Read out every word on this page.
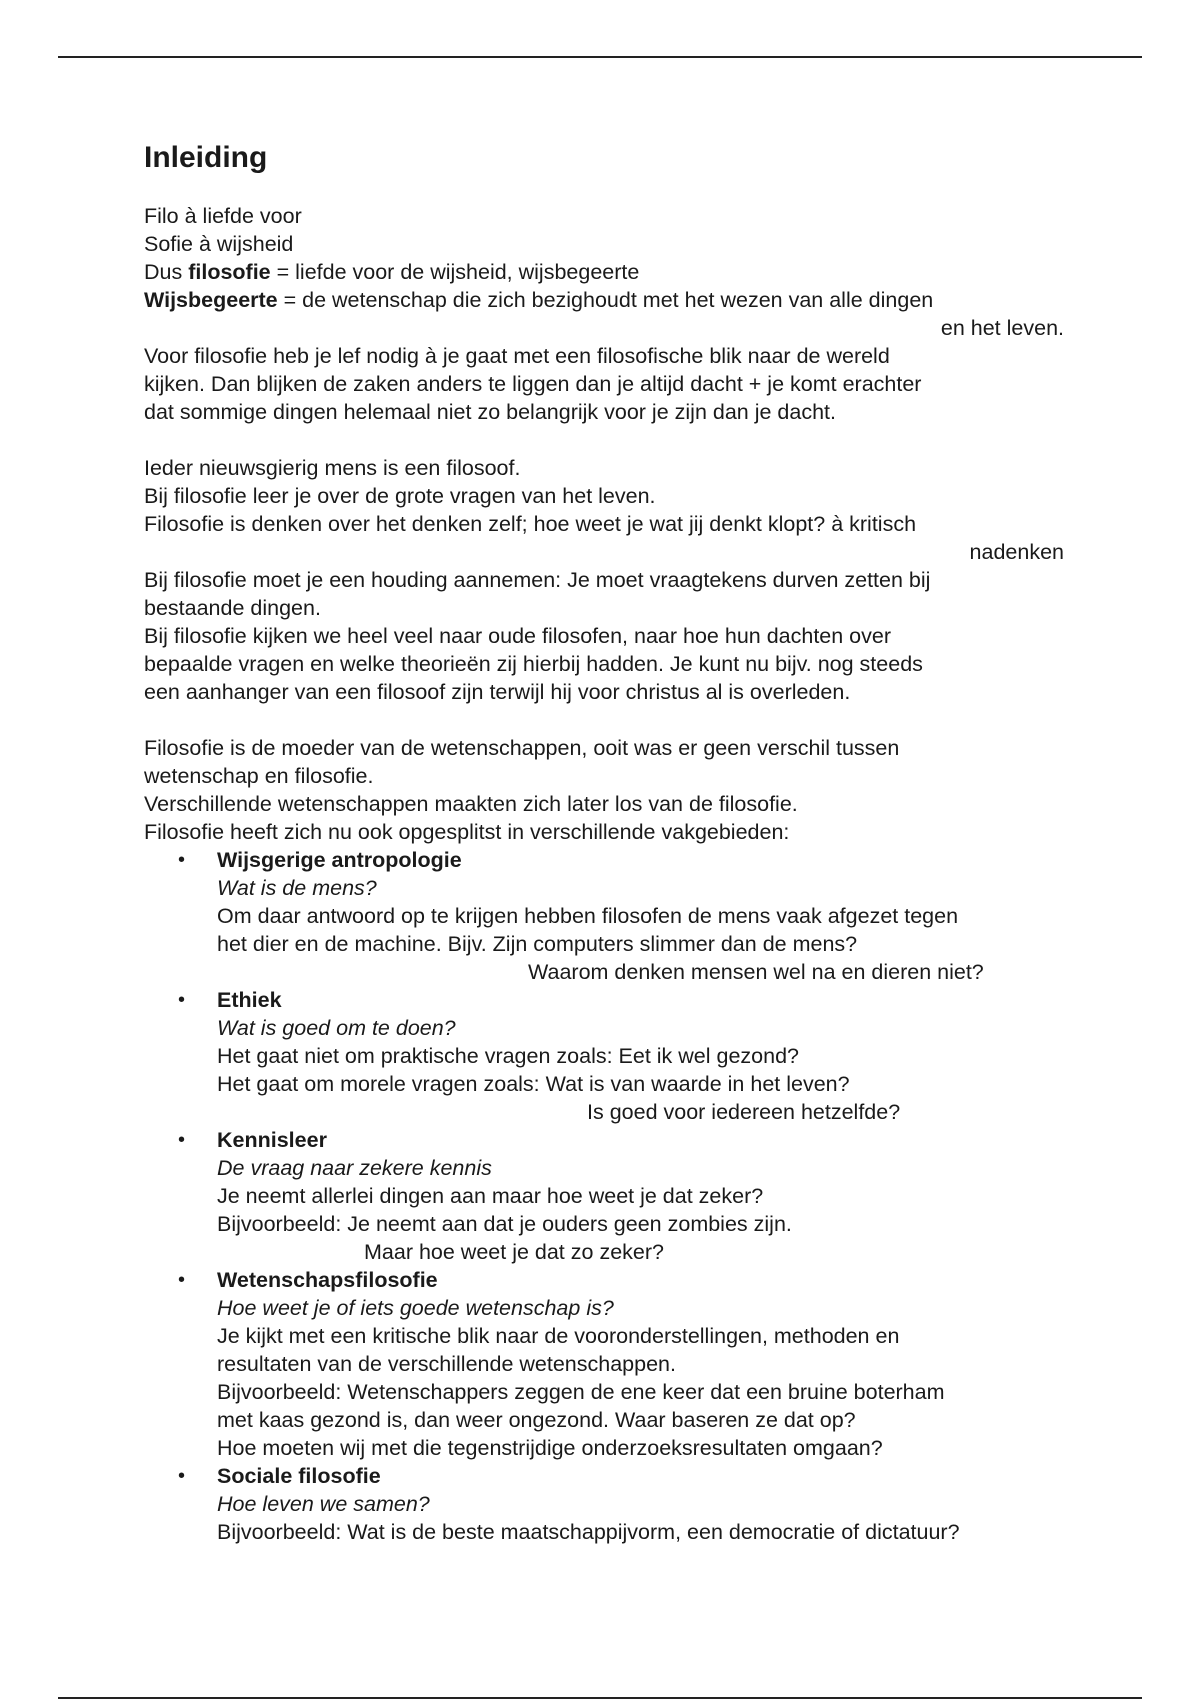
Inleiding
Filo à liefde voor
Sofie à wijsheid
Dus filosofie = liefde voor de wijsheid, wijsbegeerte
Wijsbegeerte = de wetenschap die zich bezighoudt met het wezen van alle dingen
en het leven.
Voor filosofie heb je lef nodig à je gaat met een filosofische blik naar de wereld
kijken. Dan blijken de zaken anders te liggen dan je altijd dacht + je komt erachter
dat sommige dingen helemaal niet zo belangrijk voor je zijn dan je dacht.
Ieder nieuwsgierig mens is een filosoof.
Bij filosofie leer je over de grote vragen van het leven.
Filosofie is denken over het denken zelf; hoe weet je wat jij denkt klopt? à kritisch
nadenken
Bij filosofie moet je een houding aannemen: Je moet vraagtekens durven zetten bij
bestaande dingen.
Bij filosofie kijken we heel veel naar oude filosofen, naar hoe hun dachten over
bepaalde vragen en welke theorieën zij hierbij hadden. Je kunt nu bijv. nog steeds
een aanhanger van een filosoof zijn terwijl hij voor christus al is overleden.
Filosofie is de moeder van de wetenschappen, ooit was er geen verschil tussen
wetenschap en filosofie.
Verschillende wetenschappen maakten zich later los van de filosofie.
Filosofie heeft zich nu ook opgesplitst in verschillende vakgebieden:
• Wijsgerige antropologie
Wat is de mens?
Om daar antwoord op te krijgen hebben filosofen de mens vaak afgezet tegen
het dier en de machine. Bijv. Zijn computers slimmer dan de mens?
Waarom denken mensen wel na en dieren niet?
• Ethiek
Wat is goed om te doen?
Het gaat niet om praktische vragen zoals: Eet ik wel gezond?
Het gaat om morele vragen zoals: Wat is van waarde in het leven?
Is goed voor iedereen hetzelfde?
• Kennisleer
De vraag naar zekere kennis
Je neemt allerlei dingen aan maar hoe weet je dat zeker?
Bijvoorbeeld: Je neemt aan dat je ouders geen zombies zijn.
Maar hoe weet je dat zo zeker?
• Wetenschapsfilosofie
Hoe weet je of iets goede wetenschap is?
Je kijkt met een kritische blik naar de vooronderstellingen, methoden en
resultaten van de verschillende wetenschappen.
Bijvoorbeeld: Wetenschappers zeggen de ene keer dat een bruine boterham
met kaas gezond is, dan weer ongezond. Waar baseren ze dat op?
Hoe moeten wij met die tegenstrijdige onderzoeksresultaten omgaan?
• Sociale filosofie
Hoe leven we samen?
Bijvoorbeeld: Wat is de beste maatschappijvorm, een democratie of dictatuur?
